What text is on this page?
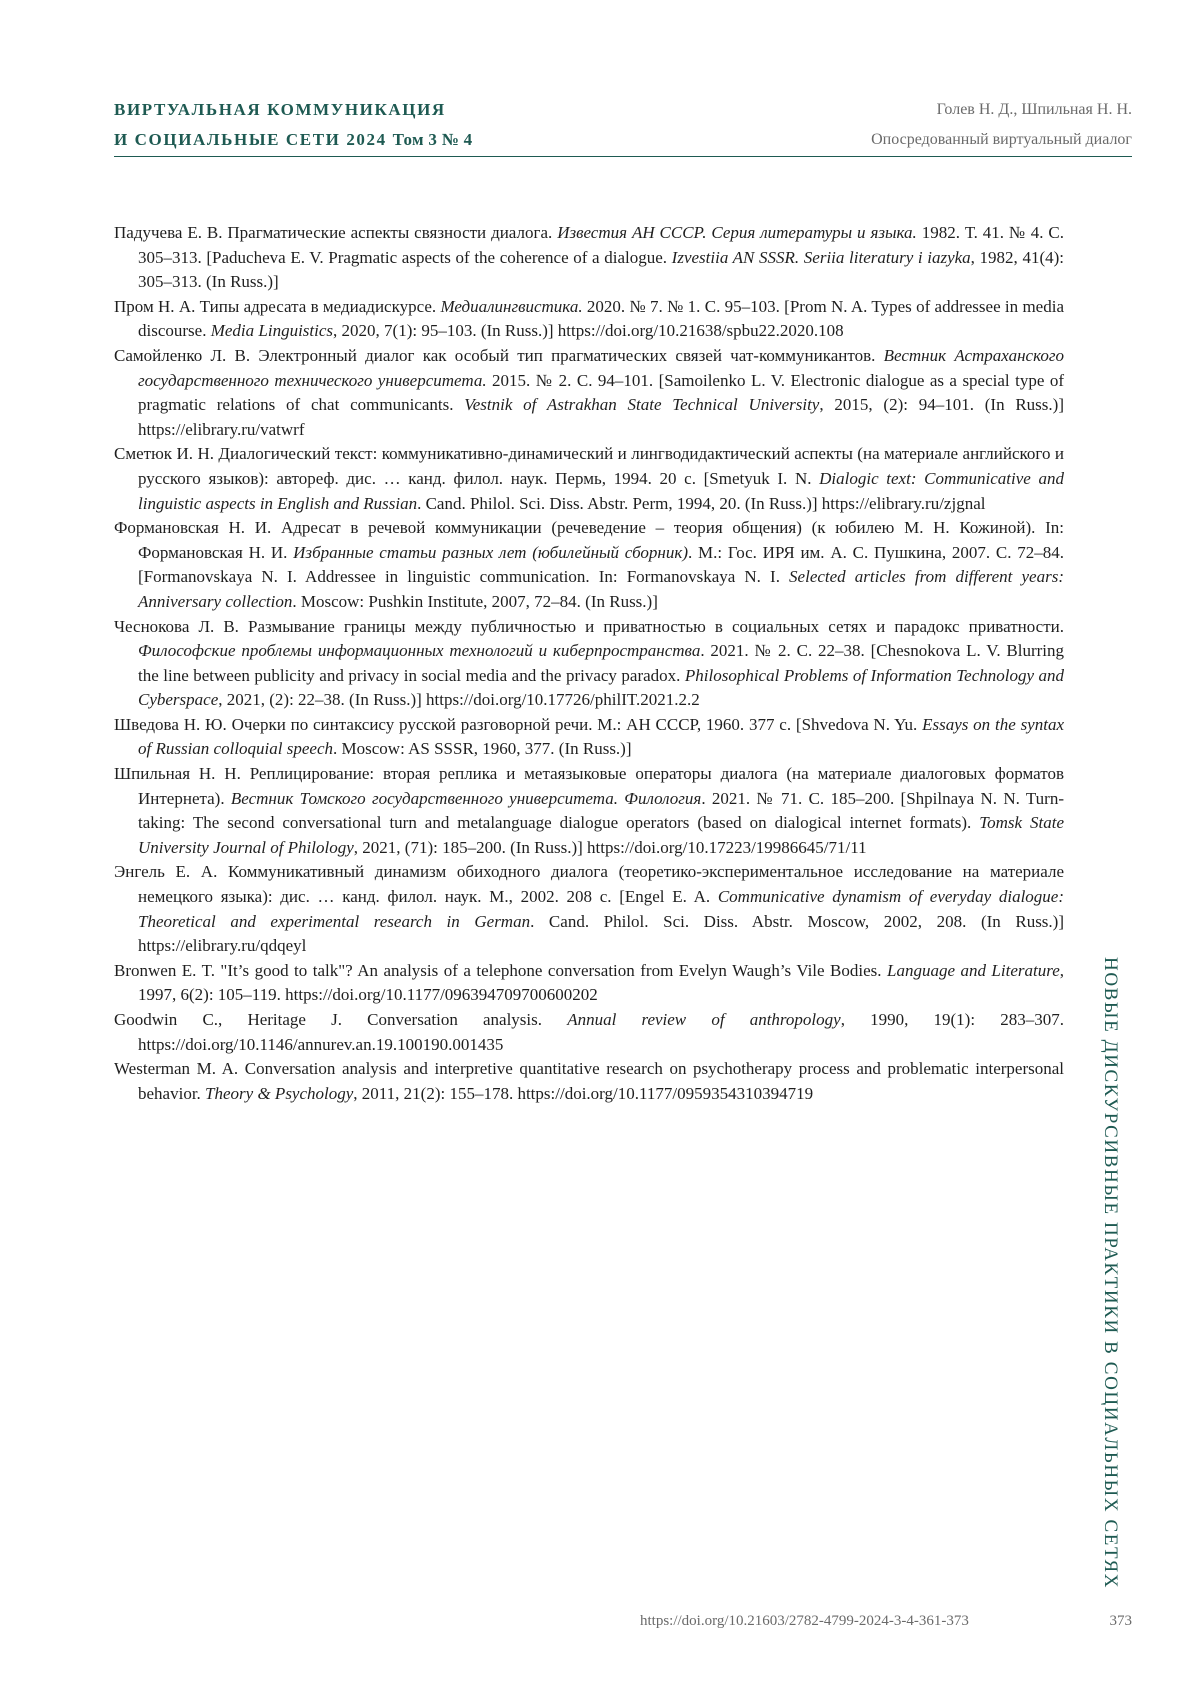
ВИРТУАЛЬНАЯ КОММУНИКАЦИЯ
И СОЦИАЛЬНЫЕ СЕТИ 2024 Том 3 № 4
Голев Н. Д., Шпильная Н. Н.
Опосредованный виртуальный диалог

Падучева Е. В. Прагматические аспекты связности диалога. Известия АН СССР. Серия литературы и языка. 1982. Т. 41. № 4. С. 305–313. [Paducheva E. V. Pragmatic aspects of the coherence of a dialogue. Izvestiia AN SSSR. Seriia literatury i iazyka, 1982, 41(4): 305–313. (In Russ.)]

Пром Н. А. Типы адресата в медиадискурсе. Медиалингвистика. 2020. № 7. № 1. С. 95–103. [Prom N. A. Types of addressee in media discourse. Media Linguistics, 2020, 7(1): 95–103. (In Russ.)] https://doi.org/10.21638/spbu22.2020.108

Самойленко Л. В. Электронный диалог как особый тип прагматических связей чат-коммуникантов. Вестник Астраханского государственного технического университета. 2015. № 2. С. 94–101. [Samoilenko L. V. Electronic dialogue as a special type of pragmatic relations of chat communicants. Vestnik of Astrakhan State Technical University, 2015, (2): 94–101. (In Russ.)] https://elibrary.ru/vatwrf

Сметюк И. Н. Диалогический текст: коммуникативно-динамический и лингводидактический аспекты (на материале английского и русского языков): автореф. дис. … канд. филол. наук. Пермь, 1994. 20 с. [Smetyuk I. N. Dialogic text: Communicative and linguistic aspects in English and Russian. Cand. Philol. Sci. Diss. Abstr. Perm, 1994, 20. (In Russ.)] https://elibrary.ru/zjgnal

Формановская Н. И. Адресат в речевой коммуникации (речеведение – теория общения) (к юбилею М. Н. Кожиной). In: Формановская Н. И. Избранные статьи разных лет (юбилейный сборник). М.: Гос. ИРЯ им. А. С. Пушкина, 2007. С. 72–84. [Formanovskaya N. I. Addressee in linguistic communication. In: Formanovskaya N. I. Selected articles from different years: Anniversary collection. Moscow: Pushkin Institute, 2007, 72–84. (In Russ.)]

Чеснокова Л. В. Размывание границы между публичностью и приватностью в социальных сетях и парадокс приватности. Философские проблемы информационных технологий и киберпространства. 2021. № 2. С. 22–38. [Chesnokova L. V. Blurring the line between publicity and privacy in social media and the privacy paradox. Philosophical Problems of Information Technology and Cyberspace, 2021, (2): 22–38. (In Russ.)] https://doi.org/10.17726/philIT.2021.2.2

Шведова Н. Ю. Очерки по синтаксису русской разговорной речи. М.: АН СССР, 1960. 377 с. [Shvedova N. Yu. Essays on the syntax of Russian colloquial speech. Moscow: AS SSSR, 1960, 377. (In Russ.)]

Шпильная Н. Н. Реплицирование: вторая реплика и метаязыковые операторы диалога (на материале диалоговых форматов Интернета). Вестник Томского государственного университета. Филология. 2021. № 71. С. 185–200. [Shpilnaya N. N. Turn-taking: The second conversational turn and metalanguage dialogue operators (based on dialogical internet formats). Tomsk State University Journal of Philology, 2021, (71): 185–200. (In Russ.)] https://doi.org/10.17223/19986645/71/11

Энгель Е. А. Коммуникативный динамизм обиходного диалога (теоретико-экспериментальное исследование на материале немецкого языка): дис. … канд. филол. наук. М., 2002. 208 с. [Engel E. A. Communicative dynamism of everyday dialogue: Theoretical and experimental research in German. Cand. Philol. Sci. Diss. Abstr. Moscow, 2002, 208. (In Russ.)] https://elibrary.ru/qdqeyl

Bronwen E. T. "It’s good to talk"? An analysis of a telephone conversation from Evelyn Waugh’s Vile Bodies. Language and Literature, 1997, 6(2): 105–119. https://doi.org/10.1177/096394709700600202

Goodwin C., Heritage J. Conversation analysis. Annual review of anthropology, 1990, 19(1): 283–307. https://doi.org/10.1146/annurev.an.19.100190.001435

Westerman M. A. Conversation analysis and interpretive quantitative research on psychotherapy process and problematic interpersonal behavior. Theory & Psychology, 2011, 21(2): 155–178. https://doi.org/10.1177/0959354310394719	НОВЫЕ ДИСКУРСИВНЫЕ ПРАКТИКИ В СОЦИАЛЬНЫХ СЕТЯХ
https://doi.org/10.21603/2782-4799-2024-3-4-361-373	373
